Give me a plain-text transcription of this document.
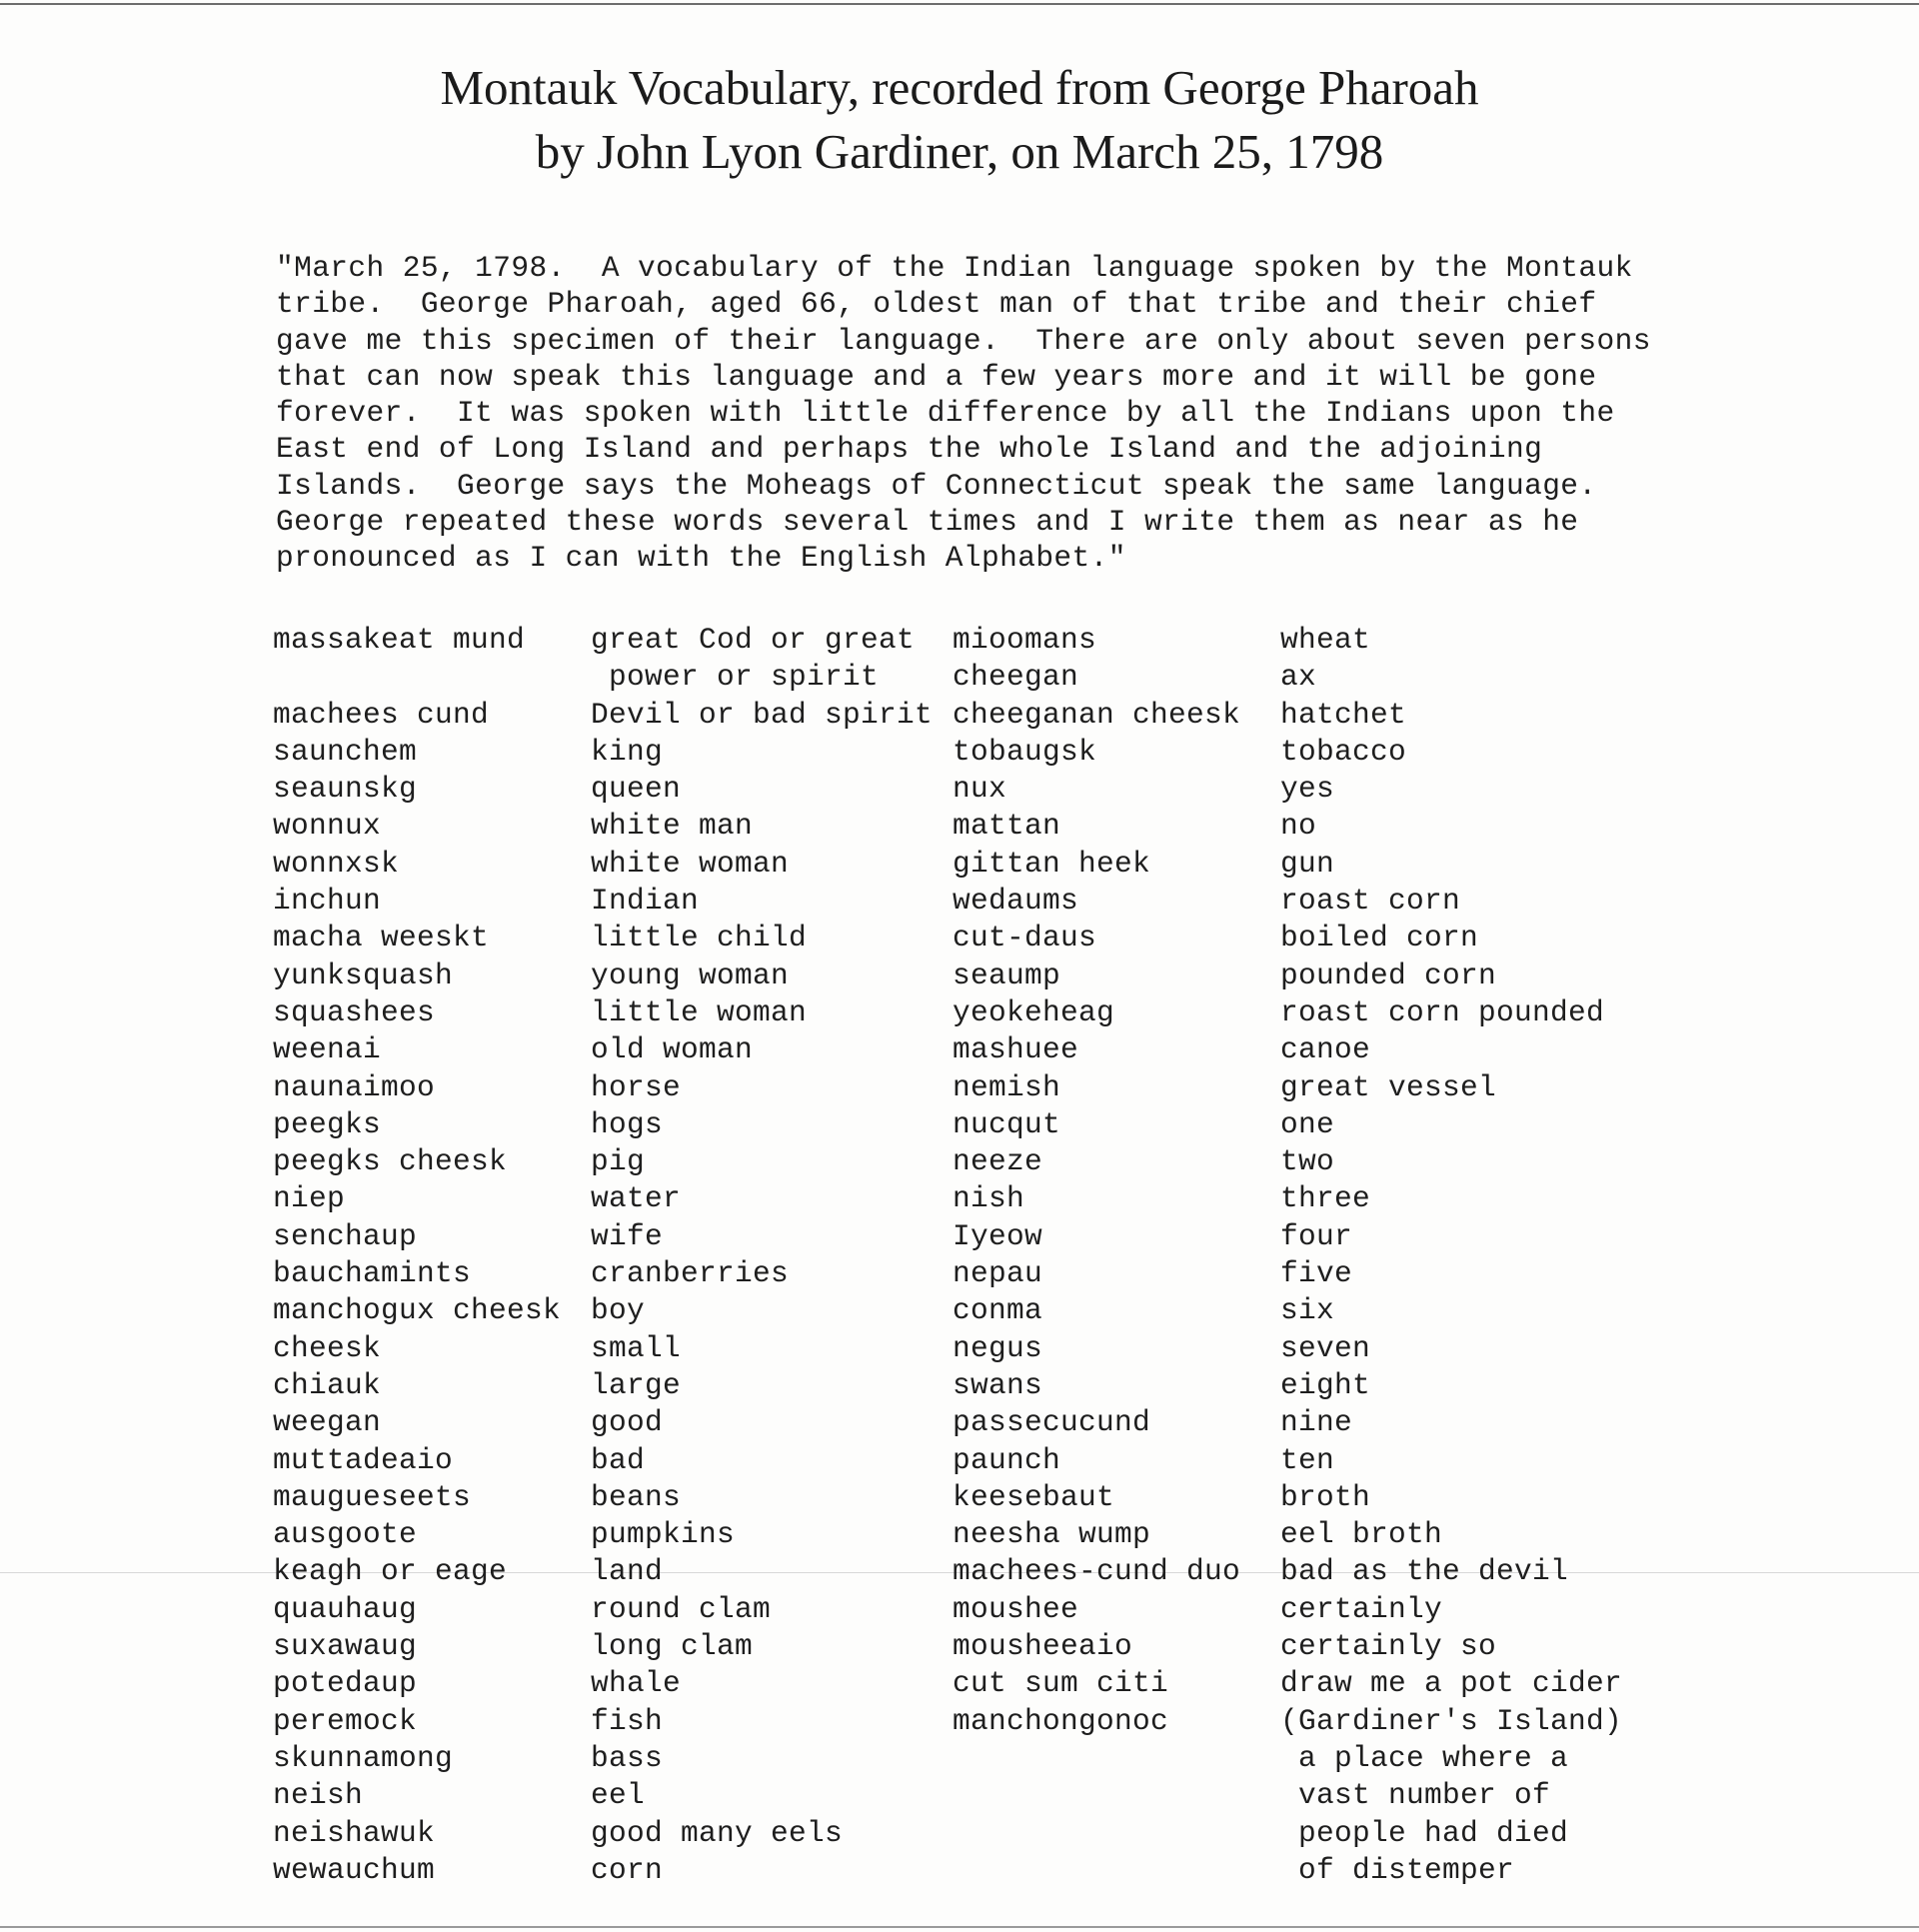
Montauk Vocabulary, recorded from George Pharoah
by John Lyon Gardiner, on March 25, 1798
"March 25, 1798.  A vocabulary of the Indian language spoken by the Montauk
tribe.  George Pharoah, aged 66, oldest man of that tribe and their chief
gave me this specimen of their language.  There are only about seven persons
that can now speak this language and a few years more and it will be gone
forever.  It was spoken with little difference by all the Indians upon the
East end of Long Island and perhaps the whole Island and the adjoining
Islands.  George says the Moheags of Connecticut speak the same language.
George repeated these words several times and I write them as near as he
pronounced as I can with the English Alphabet."
massakeat mund
machees cund
saunchem
seaunskg
wonnux
wonnxsk
inchun
macha weeskt
yunksquash
squashees
weenai
naunaimoo
peegks
peegks cheesk
niep
senchaup
bauchamints
manchogux cheesk
cheesk
chiauk
weegan
muttadeaio
maugueseets
ausgoote
keagh or eage
quauhaug
suxawaug
potedaup
peremock
skunnamong
neish
neishawuk
wewauchum
great Cod or great
power or spirit
Devil or bad spirit
king
queen
white man
white woman
Indian
little child
young woman
little woman
old woman
horse
hogs
pig
water
wife
cranberries
boy
small
large
good
bad
beans
pumpkins
land
round clam
long clam
whale
fish
bass
eel
good many eels
corn
mioomans
cheegan
cheeganan cheesk
tobaugsk
nux
mattan
gittan heek
wedaums
cut-daus
seaump
yeokeheag
mashuee
nemish
nucqut
neeze
nish
Iyeow
nepau
conma
negus
swans
passecucund
paunch
keesebaut
neesha wump
machees-cund duo
moushee
mousheeaio
cut sum citi
manchongonoc
wheat
ax
hatchet
tobacco
yes
no
gun
roast corn
boiled corn
pounded corn
roast corn pounded
canoe
great vessel
one
two
three
four
five
six
seven
eight
nine
ten
broth
eel broth
bad as the devil
certainly
certainly so
draw me a pot cider
(Gardiner's Island)
a place where a
vast number of
people had died
of distemper
